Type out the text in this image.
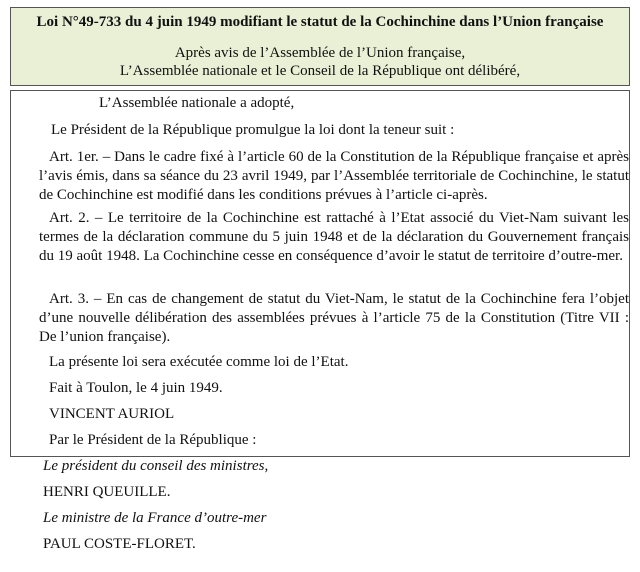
Loi N°49-733 du 4 juin 1949 modifiant le statut de la Cochinchine dans l’Union française
Après avis de l’Assemblée de l’Union française,
L’Assemblée nationale et le Conseil de la République ont délibéré,
L’Assemblée nationale a adopté,
Le Président de la République promulgue la loi dont la teneur suit :
Art. 1er. – Dans le cadre fixé à l’article 60 de la Constitution de la République française et après l’avis émis, dans sa séance du 23 avril 1949, par l’Assemblée territoriale de Cochinchine, le statut de Cochinchine est modifié dans les conditions prévues à l’article ci-après.
Art. 2. – Le territoire de la Cochinchine est rattaché à l’Etat associé du Viet-Nam suivant les termes de la déclaration commune du 5 juin 1948 et de la déclaration du Gouvernement français du 19 août 1948. La Cochinchine cesse en conséquence d’avoir le statut de territoire d’outre-mer.
Art. 3. – En cas de changement de statut du Viet-Nam, le statut de la Cochinchine fera l’objet d’une nouvelle délibération des assemblées prévues à l’article 75 de la Constitution (Titre VII : De l’union française).
La présente loi sera exécutée comme loi de l’Etat.
Fait à Toulon, le 4 juin 1949.
VINCENT AURIOL
Par le Président de la République :
Le président du conseil des ministres,
HENRI QUEUILLE.
Le ministre de la France d’outre-mer
PAUL COSTE-FLORET.
